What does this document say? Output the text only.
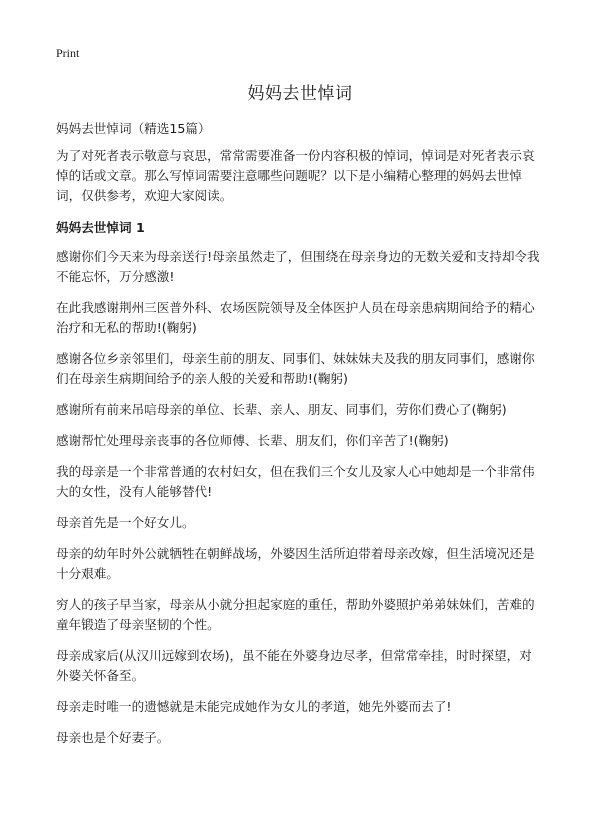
Print
妈妈去世悼词

妈妈去世悼词（精选15篇）

为了对死者表示敬意与哀思，常常需要准备一份内容积极的悼词，悼词是对死者表示哀悼的话或文章。那么写悼词需要注意哪些问题呢？以下是小编精心整理的妈妈去世悼词，仅供参考，欢迎大家阅读。

妈妈去世悼词 1

感谢你们今天来为母亲送行!母亲虽然走了，但围绕在母亲身边的无数关爱和支持却令我不能忘怀，万分感激!

在此我感谢荆州三医普外科、农场医院领导及全体医护人员在母亲患病期间给予的精心治疗和无私的帮助!(鞠躬)

感谢各位乡亲邻里们，母亲生前的朋友、同事们、妹妹妹夫及我的朋友同事们，感谢你们在母亲生病期间给予的亲人般的关爱和帮助!(鞠躬)

感谢所有前来吊唁母亲的单位、长辈、亲人、朋友、同事们，劳你们费心了(鞠躬)

感谢帮忙处理母亲丧事的各位师傅、长辈、朋友们，你们辛苦了!(鞠躬)

我的母亲是一个非常普通的农村妇女，但在我们三个女儿及家人心中她却是一个非常伟大的女性，没有人能够替代!

母亲首先是一个好女儿。

母亲的幼年时外公就牺牲在朝鲜战场，外婆因生活所迫带着母亲改嫁，但生活境况还是十分艰难。

穷人的孩子早当家，母亲从小就分担起家庭的重任，帮助外婆照护弟弟妹妹们，苦难的童年锻造了母亲坚韧的个性。

母亲成家后(从汉川远嫁到农场)，虽不能在外婆身边尽孝，但常常牵挂，时时探望，对外婆关怀备至。

母亲走时唯一的遗憾就是未能完成她作为女儿的孝道，她先外婆而去了!

母亲也是个好妻子。
